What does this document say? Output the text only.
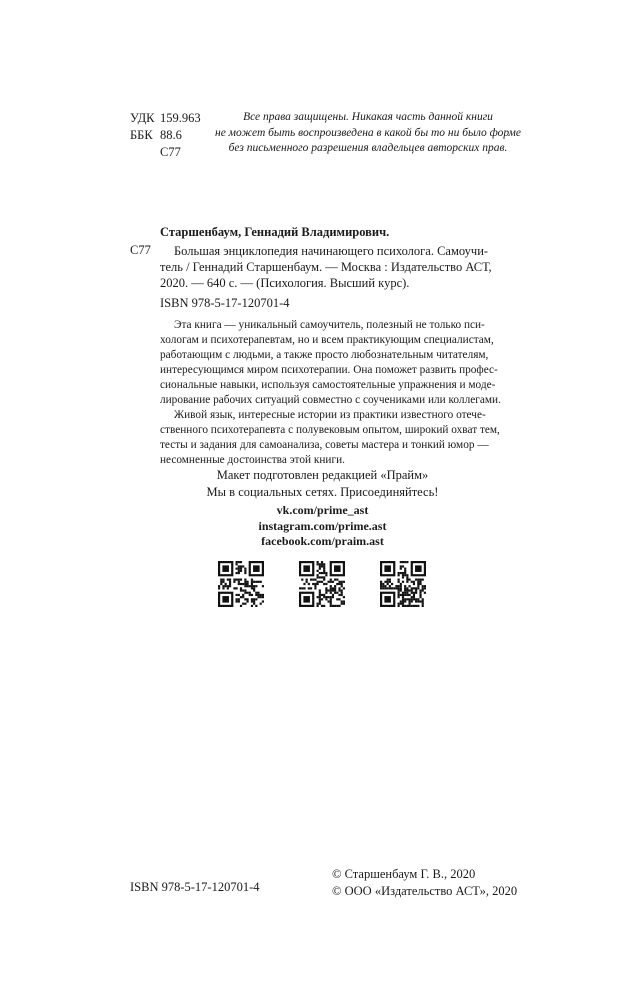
УДК 159.963
ББК 88.6
С77
Все права защищены. Никакая часть данной книги
не может быть воспроизведена в какой бы то ни было форме
без письменного разрешения владельцев авторских прав.
Старшенбаум, Геннадий Владимирович.
С77	Большая энциклопедия начинающего психолога. Самоучи-
тель / Геннадий Старшенбаум. — Москва : Издательство АСТ,
2020. — 640 с. — (Психология. Высший курс).
ISBN 978-5-17-120701-4
Эта книга — уникальный самоучитель, полезный не только пси-
хологам и психотерапевтам, но и всем практикующим специалистам,
работающим с людьми, а также просто любознательным читателям,
интересующимся миром психотерапии. Она поможет развить профес-
сиональные навыки, используя самостоятельные упражнения и моде-
лирование рабочих ситуаций совместно с соучениками или коллегами.
Живой язык, интересные истории из практики известного отече-
ственного психотерапевта с полувековым опытом, широкий охват тем,
тесты и задания для самоанализа, советы мастера и тонкий юмор —
несомненные достоинства этой книги.
Макет подготовлен редакцией «Прайм»
Мы в социальных сетях. Присоединяйтесь!
vk.com/prime_ast
instagram.com/prime.ast
facebook.com/praim.ast
ISBN 978-5-17-120701-4
© Старшенбаум Г. В., 2020
© ООО «Издательство АСТ», 2020
